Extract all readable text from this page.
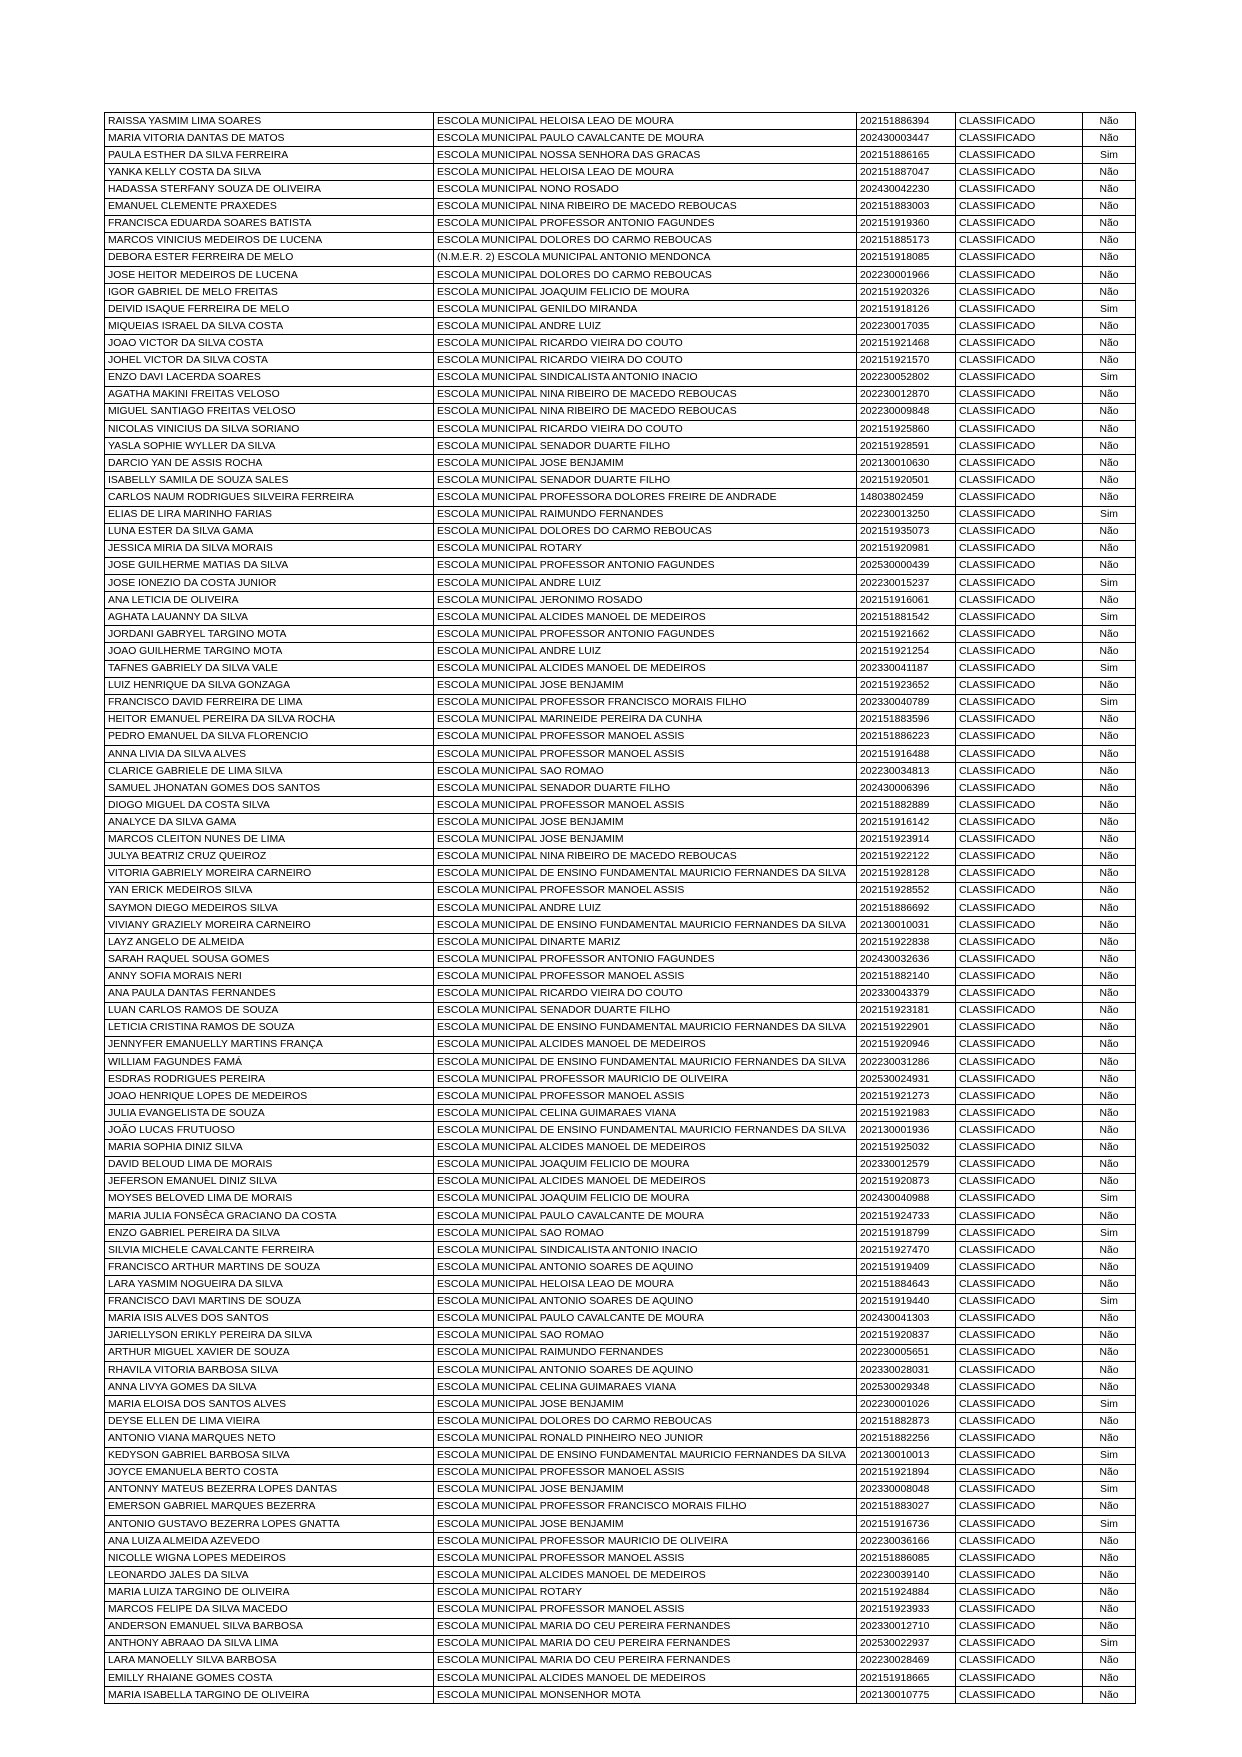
RAISSA YASMIM LIMA SOARES	ESCOLA MUNICIPAL HELOISA LEAO DE MOURA	202151886394	CLASSIFICADO	Não
MARIA VITORIA DANTAS DE MATOS	ESCOLA MUNICIPAL PAULO CAVALCANTE DE MOURA	202430003447	CLASSIFICADO	Não
PAULA ESTHER DA SILVA FERREIRA	ESCOLA MUNICIPAL NOSSA SENHORA DAS GRACAS	202151886165	CLASSIFICADO	Sim
YANKA KELLY COSTA DA SILVA	ESCOLA MUNICIPAL HELOISA LEAO DE MOURA	202151887047	CLASSIFICADO	Não
HADASSA STERFANY SOUZA DE OLIVEIRA	ESCOLA MUNICIPAL NONO ROSADO	202430042230	CLASSIFICADO	Não
EMANUEL CLEMENTE PRAXEDES	ESCOLA MUNICIPAL NINA RIBEIRO DE MACEDO REBOUCAS	202151883003	CLASSIFICADO	Não
FRANCISCA EDUARDA SOARES BATISTA	ESCOLA MUNICIPAL PROFESSOR ANTONIO FAGUNDES	202151919360	CLASSIFICADO	Não
MARCOS VINICIUS MEDEIROS DE LUCENA	ESCOLA MUNICIPAL DOLORES DO CARMO REBOUCAS	202151885173	CLASSIFICADO	Não
DEBORA ESTER FERREIRA DE MELO	(N.M.E.R. 2) ESCOLA MUNICIPAL ANTONIO MENDONCA	202151918085	CLASSIFICADO	Não
JOSE HEITOR MEDEIROS DE LUCENA	ESCOLA MUNICIPAL DOLORES DO CARMO REBOUCAS	202230001966	CLASSIFICADO	Não
IGOR GABRIEL DE MELO FREITAS	ESCOLA MUNICIPAL JOAQUIM FELICIO DE MOURA	202151920326	CLASSIFICADO	Não
DEIVID ISAQUE FERREIRA DE MELO	ESCOLA MUNICIPAL GENILDO MIRANDA	202151918126	CLASSIFICADO	Sim
MIQUEIAS ISRAEL DA SILVA COSTA	ESCOLA MUNICIPAL ANDRE LUIZ	202230017035	CLASSIFICADO	Não
JOAO VICTOR DA SILVA COSTA	ESCOLA MUNICIPAL RICARDO VIEIRA DO COUTO	202151921468	CLASSIFICADO	Não
JOHEL VICTOR DA SILVA COSTA	ESCOLA MUNICIPAL RICARDO VIEIRA DO COUTO	202151921570	CLASSIFICADO	Não
ENZO DAVI LACERDA SOARES	ESCOLA MUNICIPAL SINDICALISTA ANTONIO INACIO	202230052802	CLASSIFICADO	Sim
AGATHA MAKINI FREITAS VELOSO	ESCOLA MUNICIPAL NINA RIBEIRO DE MACEDO REBOUCAS	202230012870	CLASSIFICADO	Não
MIGUEL SANTIAGO FREITAS VELOSO	ESCOLA MUNICIPAL NINA RIBEIRO DE MACEDO REBOUCAS	202230009848	CLASSIFICADO	Não
NICOLAS VINICIUS DA SILVA SORIANO	ESCOLA MUNICIPAL RICARDO VIEIRA DO COUTO	202151925860	CLASSIFICADO	Não
YASLA SOPHIE WYLLER DA SILVA	ESCOLA MUNICIPAL SENADOR DUARTE FILHO	202151928591	CLASSIFICADO	Não
DARCIO YAN DE ASSIS ROCHA	ESCOLA MUNICIPAL JOSE BENJAMIM	202130010630	CLASSIFICADO	Não
ISABELLY SAMILA DE SOUZA SALES	ESCOLA MUNICIPAL SENADOR DUARTE FILHO	202151920501	CLASSIFICADO	Não
CARLOS NAUM RODRIGUES SILVEIRA FERREIRA	ESCOLA MUNICIPAL PROFESSORA DOLORES FREIRE DE ANDRADE	14803802459	CLASSIFICADO	Não
ELIAS DE LIRA MARINHO FARIAS	ESCOLA MUNICIPAL RAIMUNDO FERNANDES	202230013250	CLASSIFICADO	Sim
LUNA ESTER DA SILVA GAMA	ESCOLA MUNICIPAL DOLORES DO CARMO REBOUCAS	202151935073	CLASSIFICADO	Não
JESSICA MIRIA DA SILVA MORAIS	ESCOLA MUNICIPAL ROTARY	202151920981	CLASSIFICADO	Não
JOSE GUILHERME MATIAS DA SILVA	ESCOLA MUNICIPAL PROFESSOR ANTONIO FAGUNDES	202530000439	CLASSIFICADO	Não
JOSE IONEZIO DA COSTA JUNIOR	ESCOLA MUNICIPAL ANDRE LUIZ	202230015237	CLASSIFICADO	Sim
ANA LETICIA DE OLIVEIRA	ESCOLA MUNICIPAL JERONIMO ROSADO	202151916061	CLASSIFICADO	Não
AGHATA LAUANNY DA SILVA	ESCOLA MUNICIPAL ALCIDES MANOEL DE MEDEIROS	202151881542	CLASSIFICADO	Sim
JORDANI GABRYEL TARGINO MOTA	ESCOLA MUNICIPAL PROFESSOR ANTONIO FAGUNDES	202151921662	CLASSIFICADO	Não
JOAO GUILHERME TARGINO MOTA	ESCOLA MUNICIPAL ANDRE LUIZ	202151921254	CLASSIFICADO	Não
TAFNES GABRIELY DA SILVA VALE	ESCOLA MUNICIPAL ALCIDES MANOEL DE MEDEIROS	202330041187	CLASSIFICADO	Sim
LUIZ HENRIQUE DA SILVA GONZAGA	ESCOLA MUNICIPAL JOSE BENJAMIM	202151923652	CLASSIFICADO	Não
FRANCISCO DAVID FERREIRA DE LIMA	ESCOLA MUNICIPAL PROFESSOR FRANCISCO MORAIS FILHO	202330040789	CLASSIFICADO	Sim
HEITOR EMANUEL PEREIRA DA SILVA ROCHA	ESCOLA MUNICIPAL MARINEIDE PEREIRA DA CUNHA	202151883596	CLASSIFICADO	Não
PEDRO EMANUEL DA SILVA FLORENCIO	ESCOLA MUNICIPAL PROFESSOR MANOEL ASSIS	202151886223	CLASSIFICADO	Não
ANNA LIVIA DA SILVA ALVES	ESCOLA MUNICIPAL PROFESSOR MANOEL ASSIS	202151916488	CLASSIFICADO	Não
CLARICE GABRIELE DE LIMA SILVA	ESCOLA MUNICIPAL SAO ROMAO	202230034813	CLASSIFICADO	Não
SAMUEL JHONATAN GOMES DOS SANTOS	ESCOLA MUNICIPAL SENADOR DUARTE FILHO	202430006396	CLASSIFICADO	Não
DIOGO MIGUEL DA COSTA SILVA	ESCOLA MUNICIPAL PROFESSOR MANOEL ASSIS	202151882889	CLASSIFICADO	Não
ANALYCE DA SILVA GAMA	ESCOLA MUNICIPAL JOSE BENJAMIM	202151916142	CLASSIFICADO	Não
MARCOS CLEITON NUNES DE LIMA	ESCOLA MUNICIPAL JOSE BENJAMIM	202151923914	CLASSIFICADO	Não
JULYA BEATRIZ CRUZ QUEIROZ	ESCOLA MUNICIPAL NINA RIBEIRO DE MACEDO REBOUCAS	202151922122	CLASSIFICADO	Não
VITORIA GABRIELY MOREIRA CARNEIRO	ESCOLA MUNICIPAL DE ENSINO FUNDAMENTAL MAURICIO FERNANDES DA SILVA	202151928128	CLASSIFICADO	Não
YAN ERICK MEDEIROS SILVA	ESCOLA MUNICIPAL PROFESSOR MANOEL ASSIS	202151928552	CLASSIFICADO	Não
SAYMON DIEGO MEDEIROS SILVA	ESCOLA MUNICIPAL ANDRE LUIZ	202151886692	CLASSIFICADO	Não
VIVIANY GRAZIELY MOREIRA CARNEIRO	ESCOLA MUNICIPAL DE ENSINO FUNDAMENTAL MAURICIO FERNANDES DA SILVA	202130010031	CLASSIFICADO	Não
LAYZ ANGELO DE ALMEIDA	ESCOLA MUNICIPAL DINARTE MARIZ	202151922838	CLASSIFICADO	Não
SARAH RAQUEL SOUSA GOMES	ESCOLA MUNICIPAL PROFESSOR ANTONIO FAGUNDES	202430032636	CLASSIFICADO	Não
ANNY SOFIA MORAIS NERI	ESCOLA MUNICIPAL PROFESSOR MANOEL ASSIS	202151882140	CLASSIFICADO	Não
ANA PAULA DANTAS FERNANDES	ESCOLA MUNICIPAL RICARDO VIEIRA DO COUTO	202330043379	CLASSIFICADO	Não
LUAN CARLOS RAMOS DE SOUZA	ESCOLA MUNICIPAL SENADOR DUARTE FILHO	202151923181	CLASSIFICADO	Não
LETICIA CRISTINA RAMOS DE SOUZA	ESCOLA MUNICIPAL DE ENSINO FUNDAMENTAL MAURICIO FERNANDES DA SILVA	202151922901	CLASSIFICADO	Não
JENNYFER EMANUELLY MARTINS FRANÇA	ESCOLA MUNICIPAL ALCIDES MANOEL DE MEDEIROS	202151920946	CLASSIFICADO	Não
WILLIAM FAGUNDES FAMÁ	ESCOLA MUNICIPAL DE ENSINO FUNDAMENTAL MAURICIO FERNANDES DA SILVA	202230031286	CLASSIFICADO	Não
ESDRAS RODRIGUES PEREIRA	ESCOLA MUNICIPAL PROFESSOR MAURICIO DE OLIVEIRA	202530024931	CLASSIFICADO	Não
JOAO HENRIQUE LOPES DE MEDEIROS	ESCOLA MUNICIPAL PROFESSOR MANOEL ASSIS	202151921273	CLASSIFICADO	Não
JULIA EVANGELISTA DE SOUZA	ESCOLA MUNICIPAL CELINA GUIMARAES VIANA	202151921983	CLASSIFICADO	Não
JOÃO LUCAS FRUTUOSO	ESCOLA MUNICIPAL DE ENSINO FUNDAMENTAL MAURICIO FERNANDES DA SILVA	202130001936	CLASSIFICADO	Não
MARIA SOPHIA DINIZ SILVA	ESCOLA MUNICIPAL ALCIDES MANOEL DE MEDEIROS	202151925032	CLASSIFICADO	Não
DAVID BELOUD LIMA DE MORAIS	ESCOLA MUNICIPAL JOAQUIM FELICIO DE MOURA	202330012579	CLASSIFICADO	Não
JEFERSON EMANUEL DINIZ SILVA	ESCOLA MUNICIPAL ALCIDES MANOEL DE MEDEIROS	202151920873	CLASSIFICADO	Não
MOYSES BELOVED LIMA DE MORAIS	ESCOLA MUNICIPAL JOAQUIM FELICIO DE MOURA	202430040988	CLASSIFICADO	Sim
MARIA JULIA FONSÊCA GRACIANO DA COSTA	ESCOLA MUNICIPAL PAULO CAVALCANTE DE MOURA	202151924733	CLASSIFICADO	Não
ENZO GABRIEL PEREIRA DA SILVA	ESCOLA MUNICIPAL SAO ROMAO	202151918799	CLASSIFICADO	Sim
SILVIA MICHELE CAVALCANTE FERREIRA	ESCOLA MUNICIPAL SINDICALISTA ANTONIO INACIO	202151927470	CLASSIFICADO	Não
FRANCISCO ARTHUR MARTINS DE SOUZA	ESCOLA MUNICIPAL ANTONIO SOARES DE AQUINO	202151919409	CLASSIFICADO	Não
LARA YASMIM NOGUEIRA DA SILVA	ESCOLA MUNICIPAL HELOISA LEAO DE MOURA	202151884643	CLASSIFICADO	Não
FRANCISCO DAVI MARTINS DE SOUZA	ESCOLA MUNICIPAL ANTONIO SOARES DE AQUINO	202151919440	CLASSIFICADO	Sim
MARIA ISIS ALVES DOS SANTOS	ESCOLA MUNICIPAL PAULO CAVALCANTE DE MOURA	202430041303	CLASSIFICADO	Não
JARIELLYSON ERIKLY PEREIRA DA SILVA	ESCOLA MUNICIPAL SAO ROMAO	202151920837	CLASSIFICADO	Não
ARTHUR MIGUEL XAVIER DE SOUZA	ESCOLA MUNICIPAL RAIMUNDO FERNANDES	202230005651	CLASSIFICADO	Não
RHAVILA VITORIA BARBOSA SILVA	ESCOLA MUNICIPAL ANTONIO SOARES DE AQUINO	202330028031	CLASSIFICADO	Não
ANNA LIVYA GOMES DA SILVA	ESCOLA MUNICIPAL CELINA GUIMARAES VIANA	202530029348	CLASSIFICADO	Não
MARIA ELOISA DOS SANTOS ALVES	ESCOLA MUNICIPAL JOSE BENJAMIM	202230001026	CLASSIFICADO	Sim
DEYSE ELLEN DE LIMA VIEIRA	ESCOLA MUNICIPAL DOLORES DO CARMO REBOUCAS	202151882873	CLASSIFICADO	Não
ANTONIO VIANA MARQUES NETO	ESCOLA MUNICIPAL RONALD PINHEIRO NEO JUNIOR	202151882256	CLASSIFICADO	Não
KEDYSON GABRIEL BARBOSA SILVA	ESCOLA MUNICIPAL DE ENSINO FUNDAMENTAL MAURICIO FERNANDES DA SILVA	202130010013	CLASSIFICADO	Sim
JOYCE EMANUELA BERTO COSTA	ESCOLA MUNICIPAL PROFESSOR MANOEL ASSIS	202151921894	CLASSIFICADO	Não
ANTONNY MATEUS BEZERRA LOPES DANTAS	ESCOLA MUNICIPAL JOSE BENJAMIM	202330008048	CLASSIFICADO	Sim
EMERSON GABRIEL MARQUES BEZERRA	ESCOLA MUNICIPAL PROFESSOR FRANCISCO MORAIS FILHO	202151883027	CLASSIFICADO	Não
ANTONIO GUSTAVO BEZERRA LOPES GNATTA	ESCOLA MUNICIPAL JOSE BENJAMIM	202151916736	CLASSIFICADO	Sim
ANA LUIZA ALMEIDA AZEVEDO	ESCOLA MUNICIPAL PROFESSOR MAURICIO DE OLIVEIRA	202230036166	CLASSIFICADO	Não
NICOLLE WIGNA LOPES MEDEIROS	ESCOLA MUNICIPAL PROFESSOR MANOEL ASSIS	202151886085	CLASSIFICADO	Não
LEONARDO JALES DA SILVA	ESCOLA MUNICIPAL ALCIDES MANOEL DE MEDEIROS	202230039140	CLASSIFICADO	Não
MARIA LUIZA TARGINO DE OLIVEIRA	ESCOLA MUNICIPAL ROTARY	202151924884	CLASSIFICADO	Não
MARCOS FELIPE DA SILVA MACEDO	ESCOLA MUNICIPAL PROFESSOR MANOEL ASSIS	202151923933	CLASSIFICADO	Não
ANDERSON EMANUEL SILVA BARBOSA	ESCOLA MUNICIPAL MARIA DO CEU PEREIRA FERNANDES	202330012710	CLASSIFICADO	Não
ANTHONY ABRAAO DA SILVA LIMA	ESCOLA MUNICIPAL MARIA DO CEU PEREIRA FERNANDES	202530022937	CLASSIFICADO	Sim
LARA MANOELLY SILVA BARBOSA	ESCOLA MUNICIPAL MARIA DO CEU PEREIRA FERNANDES	202230028469	CLASSIFICADO	Não
EMILLY RHAIANE GOMES COSTA	ESCOLA MUNICIPAL ALCIDES MANOEL DE MEDEIROS	202151918665	CLASSIFICADO	Não
MARIA ISABELLA TARGINO DE OLIVEIRA	ESCOLA MUNICIPAL MONSENHOR MOTA	202130010775	CLASSIFICADO	Não
